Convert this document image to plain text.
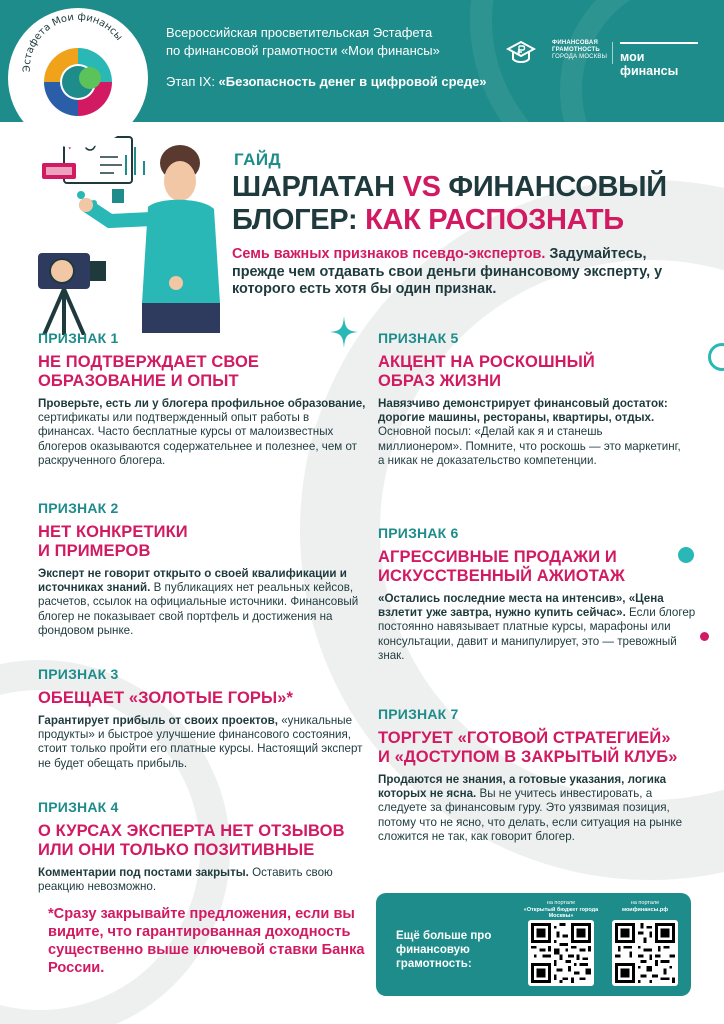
Всероссийская просветительская Эстафета
по финансовой грамотности «Мои финансы»
Этап IX: «Безопасность денег в цифровой среде»
ФИНАНСОВАЯ
ГРАМОТНОСТЬ
ГОРОДА МОСКВЫ мои финансы
Эстафета Мои финансы
ГАЙД
ШАРЛАТАН VS ФИНАНСОВЫЙ
БЛОГЕР: КАК РАСПОЗНАТЬ
Семь важных признаков псевдо-экспертов. Задумайтесь, прежде чем отдавать свои деньги финансовому эксперту, у которого есть хотя бы один признак.
ПРИЗНАК 1
НЕ ПОДТВЕРЖДАЕТ СВОЕ
ОБРАЗОВАНИЕ И ОПЫТ
Проверьте, есть ли у блогера профильное образование, сертификаты или подтвержденный опыт работы в финансах. Часто бесплатные курсы от малоизвестных блогеров оказываются содержательнее и полезнее, чем от раскрученного блогера.
ПРИЗНАК 2
НЕТ КОНКРЕТИКИ
И ПРИМЕРОВ
Эксперт не говорит открыто о своей квалификации и источниках знаний. В публикациях нет реальных кейсов, расчетов, ссылок на официальные источники. Финансовый блогер не показывает свой портфель и достижения на фондовом рынке.
ПРИЗНАК 3
ОБЕЩАЕТ «ЗОЛОТЫЕ ГОРЫ»*
Гарантирует прибыль от своих проектов, «уникальные продукты» и быстрое улучшение финансового состояния, стоит только пройти его платные курсы. Настоящий эксперт не будет обещать прибыль.
ПРИЗНАК 4
О КУРСАХ ЭКСПЕРТА НЕТ ОТЗЫВОВ
ИЛИ ОНИ ТОЛЬКО ПОЗИТИВНЫЕ
Комментарии под постами закрыты. Оставить свою реакцию невозможно.
ПРИЗНАК 5
АКЦЕНТ НА РОСКОШНЫЙ
ОБРАЗ ЖИЗНИ
Навязчиво демонстрирует финансовый достаток: дорогие машины, рестораны, квартиры, отдых. Основной посыл: «Делай как я и станешь миллионером». Помните, что роскошь — это маркетинг, а никак не доказательство компетенции.
ПРИЗНАК 6
АГРЕССИВНЫЕ ПРОДАЖИ И
ИСКУССТВЕННЫЙ АЖИОТАЖ
«Остались последние места на интенсив», «Цена взлетит уже завтра, нужно купить сейчас». Если блогер постоянно навязывает платные курсы, марафоны или консультации, давит и манипулирует, это — тревожный знак.
ПРИЗНАК 7
ТОРГУЕТ «ГОТОВОЙ СТРАТЕГИЕЙ»
И «ДОСТУПОМ В ЗАКРЫТЫЙ КЛУБ»
Продаются не знания, а готовые указания, логика которых не ясна. Вы не учитесь инвестировать, а следуете за финансовым гуру. Это уязвимая позиция, потому что не ясно, что делать, если ситуация на рынке сложится не так, как говорит блогер.
*Сразу закрывайте предложения, если вы видите, что гарантированная доходность существенно выше ключевой ставки Банка России.
Ещё больше про финансовую грамотность:
на портале
«Открытый бюджет города Москвы»
на портале
моифинансы.рф
